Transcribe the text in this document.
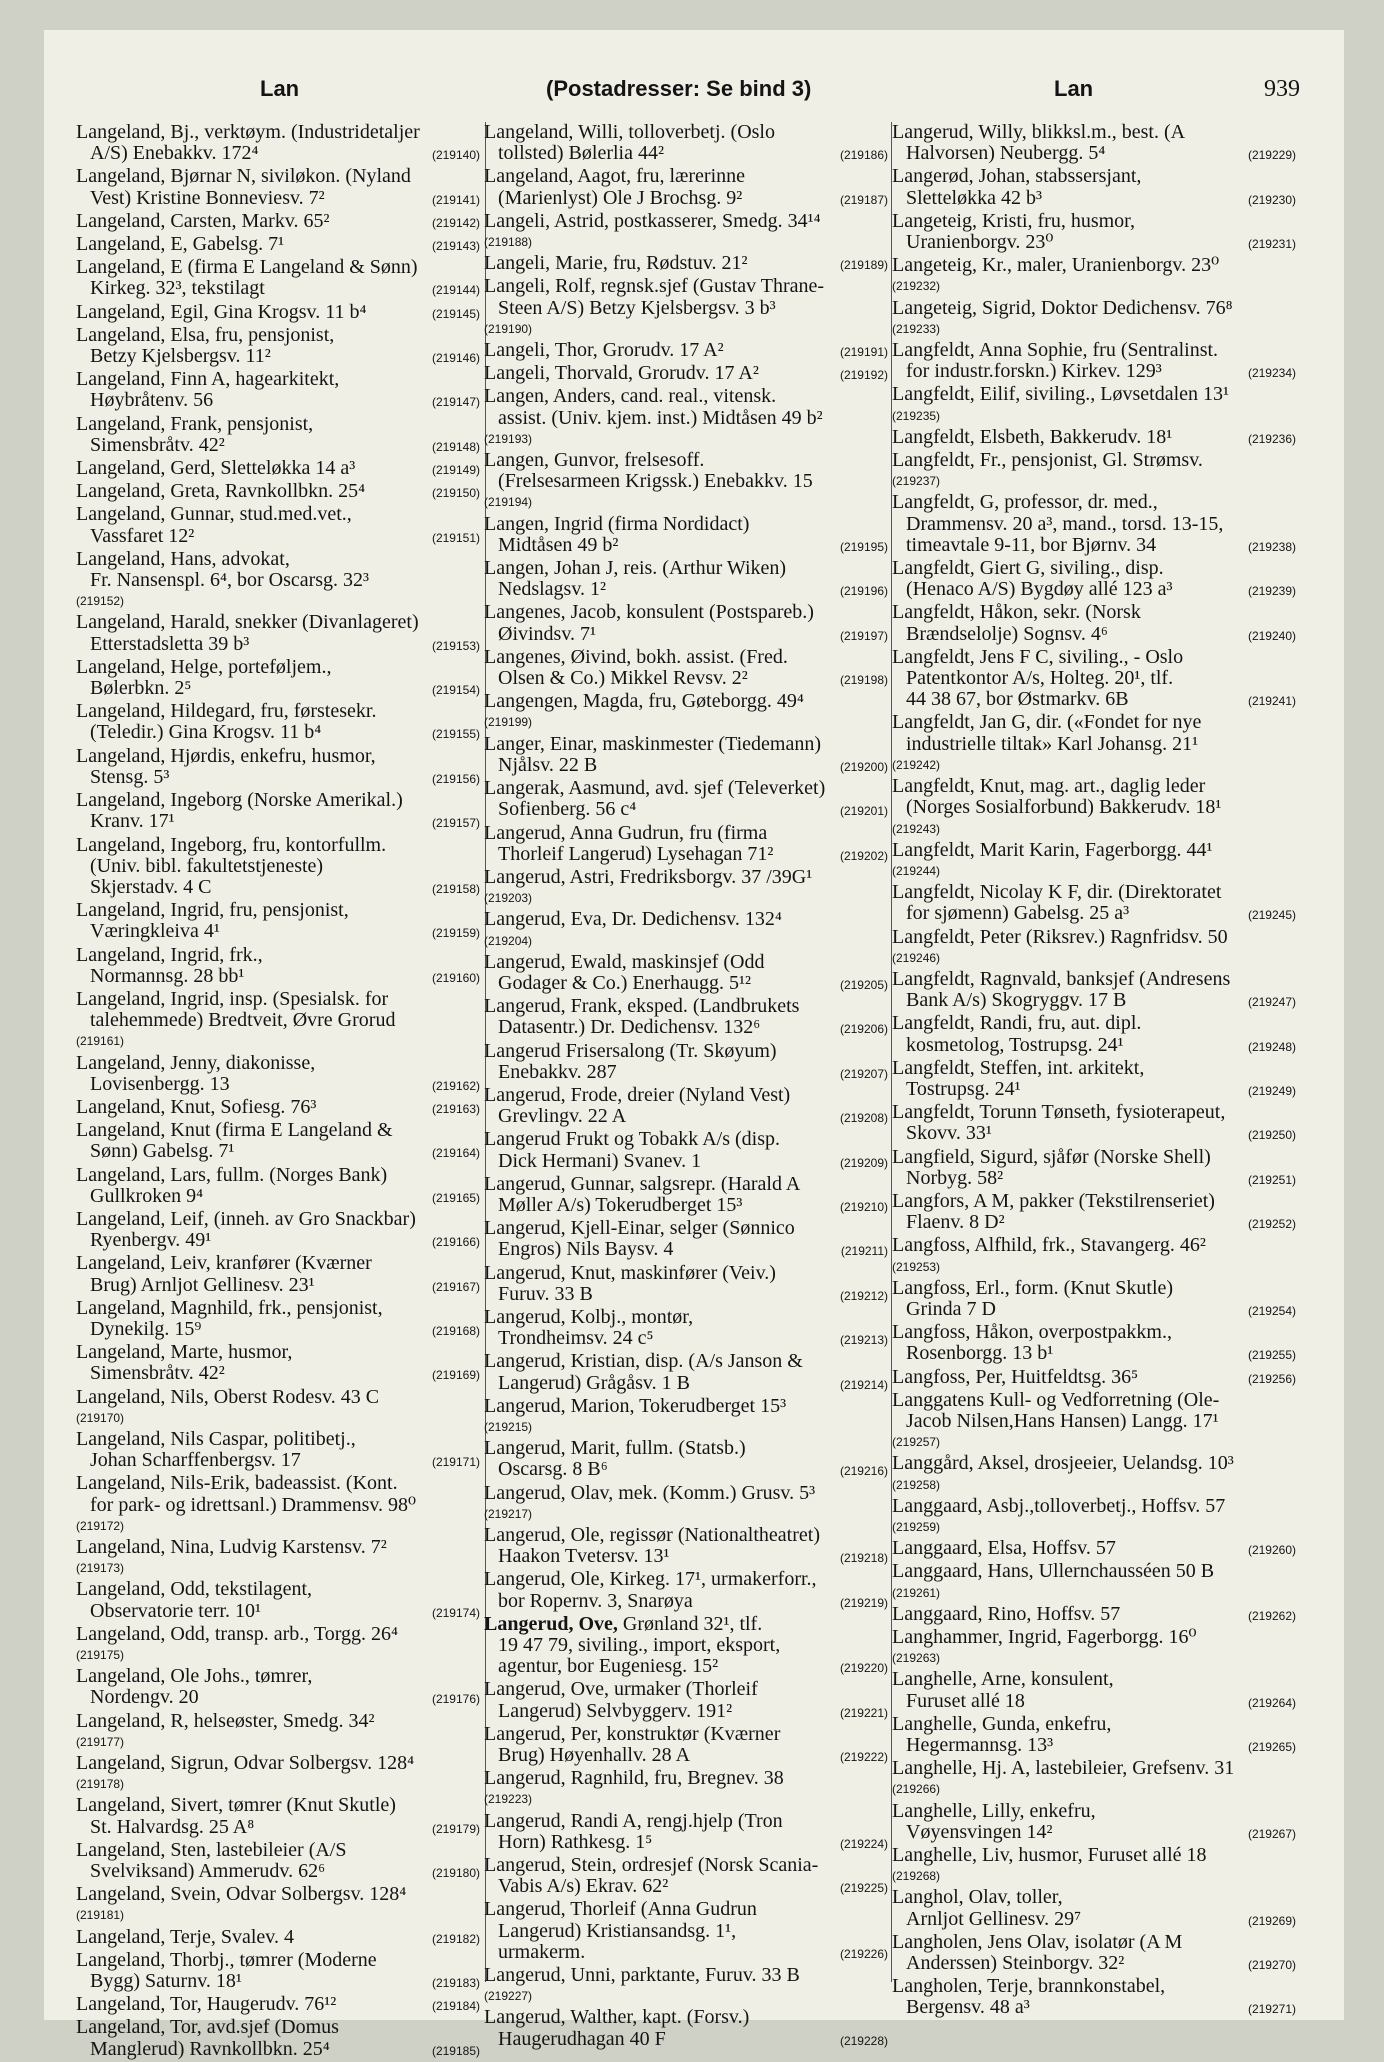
Lan	(Postadresser: Se bind 3)	Lan	939
Langeland, Bj., verktøym. (Industridetaljer
A/S) Enebakkv. 172⁴	(219140)
Langeland, Bjørnar N, siviløkon. (Nyland
Vest) Kristine Bonneviesv. 7²	(219141)
Langeland, Carsten, Markv. 65²	(219142)
Langeland, E, Gabelsg. 7¹	(219143)
Langeland, E (firma E Langeland & Sønn)
Kirkeg. 32³, tekstilagt	(219144)
Langeland, Egil, Gina Krogsv. 11 b⁴	(219145)
Langeland, Elsa, fru, pensjonist,
Betzy Kjelsbergsv. 11²	(219146)
Langeland, Finn A, hagearkitekt,
Høybråtenv. 56	(219147)
Langeland, Frank, pensjonist,
Simensbråtv. 42²	(219148)
Langeland, Gerd, Sletteløkka 14 a³	(219149)
Langeland, Greta, Ravnkollbkn. 25⁴	(219150)
Langeland, Gunnar, stud.med.vet.,
Vassfaret 12²	(219151)
Langeland, Hans, advokat,
Fr. Nansenspl. 6⁴, bor Oscarsg. 32³
(219152)
Langeland, Harald, snekker (Divanlageret)
Etterstadsletta 39 b³	(219153)
Langeland, Helge, porteføljem.,
Bølerbkn. 2⁵	(219154)
Langeland, Hildegard, fru, førstesekr.
(Teledir.) Gina Krogsv. 11 b⁴	(219155)
Langeland, Hjørdis, enkefru, husmor,
Stensg. 5³	(219156)
Langeland, Ingeborg (Norske Amerikal.)
Kranv. 17¹	(219157)
Langeland, Ingeborg, fru, kontorfullm.
(Univ. bibl. fakultetstjeneste)
Skjerstadv. 4 C	(219158)
Langeland, Ingrid, fru, pensjonist,
Væringkleiva 4¹	(219159)
Langeland, Ingrid, frk.,
Normannsg. 28 bb¹	(219160)
Langeland, Ingrid, insp. (Spesialsk. for
talehemmede) Bredtveit, Øvre Grorud
(219161)
Langeland, Jenny, diakonisse,
Lovisenbergg. 13	(219162)
Langeland, Knut, Sofiesg. 76³	(219163)
Langeland, Knut (firma E Langeland &
Sønn) Gabelsg. 7¹	(219164)
Langeland, Lars, fullm. (Norges Bank)
Gullkroken 9⁴	(219165)
Langeland, Leif, (inneh. av Gro Snackbar)
Ryenbergv. 49¹	(219166)
Langeland, Leiv, kranfører (Kværner
Brug) Arnljot Gellinesv. 23¹	(219167)
Langeland, Magnhild, frk., pensjonist,
Dynekilg. 15⁹	(219168)
Langeland, Marte, husmor,
Simensbråtv. 42²	(219169)
Langeland, Nils, Oberst Rodesv. 43 C
(219170)
Langeland, Nils Caspar, politibetj.,
Johan Scharffenbergsv. 17	(219171)
Langeland, Nils-Erik, badeassist. (Kont.
for park- og idrettsanl.) Drammensv. 98⁰
(219172)
Langeland, Nina, Ludvig Karstensv. 7²
(219173)
Langeland, Odd, tekstilagent,
Observatorie terr. 10¹	(219174)
Langeland, Odd, transp. arb., Torgg. 26⁴
(219175)
Langeland, Ole Johs., tømrer,
Nordengv. 20	(219176)
Langeland, R, helseøster, Smedg. 34²
(219177)
Langeland, Sigrun, Odvar Solbergsv. 128⁴
(219178)
Langeland, Sivert, tømrer (Knut Skutle)
St. Halvardsg. 25 A⁸	(219179)
Langeland, Sten, lastebileier (A/S
Svelviksand) Ammerudv. 62⁶	(219180)
Langeland, Svein, Odvar Solbergsv. 128⁴
(219181)
Langeland, Terje, Svalev. 4	(219182)
Langeland, Thorbj., tømrer (Moderne
Bygg) Saturnv. 18¹	(219183)
Langeland, Tor, Haugerudv. 76¹²	(219184)
Langeland, Tor, avd.sjef (Domus
Manglerud) Ravnkollbkn. 25⁴	(219185)
Langeland, Willi, tolloverbetj. (Oslo
tollsted) Bølerlia 44²	(219186)
Langeland, Aagot, fru, lærerinne
(Marienlyst) Ole J Brochsg. 9²	(219187)
Langeli, Astrid, postkasserer, Smedg. 34¹⁴
(219188)
Langeli, Marie, fru, Rødstuv. 21²	(219189)
Langeli, Rolf, regnsk.sjef (Gustav Thrane-
Steen A/S) Betzy Kjelsbergsv. 3 b³
(219190)
Langeli, Thor, Grorudv. 17 A²	(219191)
Langeli, Thorvald, Grorudv. 17 A²	(219192)
Langen, Anders, cand. real., vitensk.
assist. (Univ. kjem. inst.) Midtåsen 49 b²
(219193)
Langen, Gunvor, frelsesoff.
(Frelsesarmeen Krigssk.) Enebakkv. 15
(219194)
Langen, Ingrid (firma Nordidact)
Midtåsen 49 b²	(219195)
Langen, Johan J, reis. (Arthur Wiken)
Nedslagsv. 1²	(219196)
Langenes, Jacob, konsulent (Postspareb.)
Øivindsv. 7¹	(219197)
Langenes, Øivind, bokh. assist. (Fred.
Olsen & Co.) Mikkel Revsv. 2²	(219198)
Langengen, Magda, fru, Gøteborgg. 49⁴
(219199)
Langer, Einar, maskinmester (Tiedemann)
Njålsv. 22 B	(219200)
Langerak, Aasmund, avd. sjef (Televerket)
Sofienberg. 56 c⁴	(219201)
Langerud, Anna Gudrun, fru (firma
Thorleif Langerud) Lysehagan 71²	(219202)
Langerud, Astri, Fredriksborgv. 37 /39G¹
(219203)
Langerud, Eva, Dr. Dedichensv. 132⁴
(219204)
Langerud, Ewald, maskinsjef (Odd
Godager & Co.) Enerhaugg. 5¹²	(219205)
Langerud, Frank, eksped. (Landbrukets
Datasentr.) Dr. Dedichensv. 132⁶	(219206)
Langerud Frisersalong (Tr. Skøyum)
Enebakkv. 287	(219207)
Langerud, Frode, dreier (Nyland Vest)
Grevlingv. 22 A	(219208)
Langerud Frukt og Tobakk A/s (disp.
Dick Hermani) Svanev. 1	(219209)
Langerud, Gunnar, salgsrepr. (Harald A
Møller A/s) Tokerudberget 15³	(219210)
Langerud, Kjell-Einar, selger (Sønnico
Engros) Nils Baysv. 4	(219211)
Langerud, Knut, maskinfører (Veiv.)
Furuv. 33 B	(219212)
Langerud, Kolbj., montør,
Trondheimsv. 24 c⁵	(219213)
Langerud, Kristian, disp. (A/s Janson &
Langerud) Grågåsv. 1 B	(219214)
Langerud, Marion, Tokerudberget 15³
(219215)
Langerud, Marit, fullm. (Statsb.)
Oscarsg. 8 B⁶	(219216)
Langerud, Olav, mek. (Komm.) Grusv. 5³
(219217)
Langerud, Ole, regissør (Nationaltheatret)
Haakon Tvetersv. 13¹	(219218)
Langerud, Ole, Kirkeg. 17¹, urmakerforr.,
bor Ropernv. 3, Snarøya	(219219)
Langerud, Ove, Grønland 32¹, tlf.
19 47 79, siviling., import, eksport,
agentur, bor Eugeniesg. 15²	(219220)
Langerud, Ove, urmaker (Thorleif
Langerud) Selvbyggerv. 191²	(219221)
Langerud, Per, konstruktør (Kværner
Brug) Høyenhallv. 28 A	(219222)
Langerud, Ragnhild, fru, Bregnev. 38
(219223)
Langerud, Randi A, rengj.hjelp (Tron
Horn) Rathkesg. 1⁵	(219224)
Langerud, Stein, ordresjef (Norsk Scania-
Vabis A/s) Ekrav. 62²	(219225)
Langerud, Thorleif (Anna Gudrun
Langerud) Kristiansandsg. 1¹,
urmakerm.	(219226)
Langerud, Unni, parktante, Furuv. 33 B
(219227)
Langerud, Walther, kapt. (Forsv.)
Haugerudhagan 40 F	(219228)
Langerud, Willy, blikksl.m., best. (A
Halvorsen) Neubergg. 5⁴	(219229)
Langerød, Johan, stabssersjant,
Sletteløkka 42 b³	(219230)
Langeteig, Kristi, fru, husmor,
Uranienborgv. 23⁰	(219231)
Langeteig, Kr., maler, Uranienborgv. 23⁰
(219232)
Langeteig, Sigrid, Doktor Dedichensv. 76⁸
(219233)
Langfeldt, Anna Sophie, fru (Sentralinst.
for industr.forskn.) Kirkev. 129³	(219234)
Langfeldt, Eilif, siviling., Løvsetdalen 13¹
(219235)
Langfeldt, Elsbeth, Bakkerudv. 18¹	(219236)
Langfeldt, Fr., pensjonist, Gl. Strømsv.
(219237)
Langfeldt, G, professor, dr. med.,
Drammensv. 20 a³, mand., torsd. 13-15,
timeavtale 9-11, bor Bjørnv. 34	(219238)
Langfeldt, Giert G, siviling., disp.
(Henaco A/S) Bygdøy allé 123 a³	(219239)
Langfeldt, Håkon, sekr. (Norsk
Brændselolje) Sognsv. 4⁶	(219240)
Langfeldt, Jens F C, siviling., - Oslo
Patentkontor A/s, Holteg. 20¹, tlf.
44 38 67, bor Østmarkv. 6B	(219241)
Langfeldt, Jan G, dir. («Fondet for nye
industrielle tiltak» Karl Johansg. 21¹
(219242)
Langfeldt, Knut, mag. art., daglig leder
(Norges Sosialforbund) Bakkerudv. 18¹
(219243)
Langfeldt, Marit Karin, Fagerborgg. 44¹
(219244)
Langfeldt, Nicolay K F, dir. (Direktoratet
for sjømenn) Gabelsg. 25 a³	(219245)
Langfeldt, Peter (Riksrev.) Ragnfridsv. 50
(219246)
Langfeldt, Ragnvald, banksjef (Andresens
Bank A/s) Skogryggv. 17 B	(219247)
Langfeldt, Randi, fru, aut. dipl.
kosmetolog, Tostrupsg. 24¹	(219248)
Langfeldt, Steffen, int. arkitekt,
Tostrupsg. 24¹	(219249)
Langfeldt, Torunn Tønseth, fysioterapeut,
Skovv. 33¹	(219250)
Langfield, Sigurd, sjåfør (Norske Shell)
Norbyg. 58²	(219251)
Langfors, A M, pakker (Tekstilrenseriet)
Flaenv. 8 D²	(219252)
Langfoss, Alfhild, frk., Stavangerg. 46²
(219253)
Langfoss, Erl., form. (Knut Skutle)
Grinda 7 D	(219254)
Langfoss, Håkon, overpostpakkm.,
Rosenborgg. 13 b¹	(219255)
Langfoss, Per, Huitfeldtsg. 36⁵	(219256)
Langgatens Kull- og Vedforretning (Ole-
Jacob Nilsen,Hans Hansen) Langg. 17¹
(219257)
Langgård, Aksel, drosjeeier, Uelandsg. 10³
(219258)
Langgaard, Asbj.,tolloverbetj., Hoffsv. 57
(219259)
Langgaard, Elsa, Hoffsv. 57	(219260)
Langgaard, Hans, Ullernchausséen 50 B
(219261)
Langgaard, Rino, Hoffsv. 57	(219262)
Langhammer, Ingrid, Fagerborgg. 16⁰
(219263)
Langhelle, Arne, konsulent,
Furuset allé 18	(219264)
Langhelle, Gunda, enkefru,
Hegermannsg. 13³	(219265)
Langhelle, Hj. A, lastebileier, Grefsenv. 31
(219266)
Langhelle, Lilly, enkefru,
Vøyensvingen 14²	(219267)
Langhelle, Liv, husmor, Furuset allé 18
(219268)
Langhol, Olav, toller,
Arnljot Gellinesv. 29⁷	(219269)
Langholen, Jens Olav, isolatør (A M
Anderssen) Steinborgv. 32²	(219270)
Langholen, Terje, brannkonstabel,
Bergensv. 48 a³	(219271)
